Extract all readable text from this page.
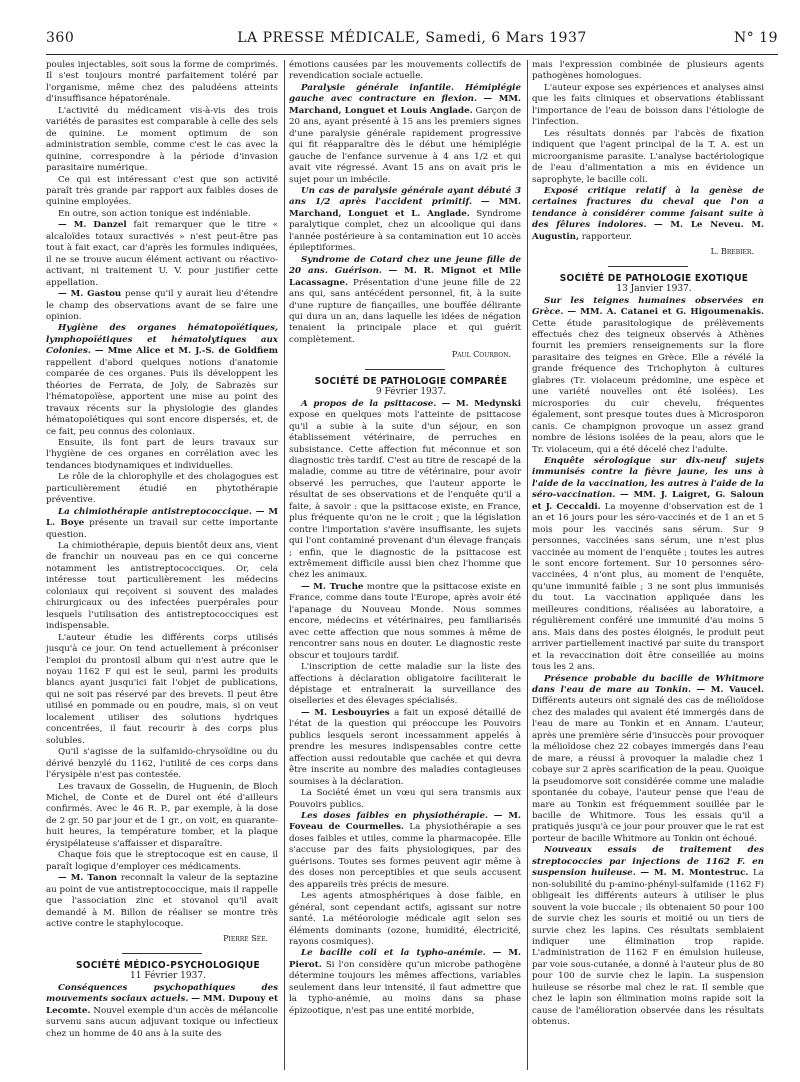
360	LA PRESSE MÉDICALE, Samedi, 6 Mars 1937	N° 19

poules injectables, soit sous la forme de comprimés. Il s'est toujours montré parfaitement toléré par l'organisme, même chez des paludéens atteints d'insuffisance hépatorénale.

L'activité du médicament vis-à-vis des trois variétés de parasites est comparable à celle des sels de quinine. Le moment optimum de son administration semble, comme c'est le cas avec la quinine, correspondre à la période d'invasion parasitaire numérique.

Ce qui est intéressant c'est que son activité paraît très grande par rapport aux faibles doses de quinine employées.

En outre, son action tonique est indéniable.

— M. Danzel fait remarquer que le titre « alcaloïdes totaux suractivés » n'est peut-être pas tout à fait exact, car d'après les formules indiquées, il ne se trouve aucun élément activant ou réactivo-activant, ni traitement U. V. pour justifier cette appellation.

— M. Gastou pense qu'il y aurait lieu d'étendre le champ des observations avant de se faire une opinion.

Hygiène des organes hématopoïétiques, lymphopoïétiques et hématolytiques aux Colonies. — Mme Alice et M. J.-S. de Goldfiem rappellent d'abord quelques notions d'anatomie comparée de ces organes. Puis ils développent les théories de Ferrata, de Joly, de Sabrazès sur l'hématopoïèse, apportent une mise au point des travaux récents sur la physiologie des glandes hématopoïétiques qui sont encore dispersés, et, de ce fait, peu connus des coloniaux.

Ensuite, ils font part de leurs travaux sur l'hygiène de ces organes en corrélation avec les tendances biodynamiques et individuelles.

Le rôle de la chlorophylle et des cholagogues est particulièrement étudié en phytothérapie préventive.

La chimiothérapie antistreptococcique. — M L. Boye présente un travail sur cette importante question.

La chimiothérapie, depuis bientôt deux ans, vient de franchir un nouveau pas en ce qui concerne notamment les antistreptococciques. Or, cela intéresse tout particulièrement les médecins coloniaux qui reçoivent si souvent des malades chirurgicaux ou des infectées puerpérales pour lesquels l'utilisation des antistreptococciques est indispensable.

L'auteur étudie les différents corps utilisés jusqu'à ce jour. On tend actuellement à préconiser l'emploi du prontosil album qui n'est autre que le noyau 1162 F qui est le seul, parmi les produits blancs ayant jusqu'ici fait l'objet de publications, qui ne soit pas réservé par des brevets. Il peut être utilisé en pommade ou en poudre, mais, si on veut localement utiliser des solutions hydriques concentrées, il faut recourir à des corps plus solubles.

Qu'il s'agisse de la sulfamido-chrysoïdine ou du dérivé benzylé du 1162, l'utilité de ces corps dans l'érysipèle n'est pas contestée.

Les travaux de Gosselin, de Huguenin, de Bloch Michel, de Conte et de Durel ont été d'ailleurs confirmés. Avec le 46 R. P., par exemple, à la dose de 2 gr. 50 par jour et de 1 gr., on voit, en quarante-huit heures, la température tomber, et la plaque érysipélateuse s'affaisser et disparaître.

Chaque fois que le streptocoque est en cause, il paraît logique d'employer ces médicaments.

— M. Tanon reconnaît la valeur de la septazine au point de vue antistreptococcique, mais il rappelle que l'association zinc et stovanol qu'il avait demandé à M. Billon de réaliser se montre très active contre le staphylocoque.

Pierre Sée.

SOCIÉTÉ MÉDICO-PSYCHOLOGIQUE

11 Février 1937.

Conséquences psychopathiques des mouvements sociaux actuels. — MM. Dupouy et Lecomte. Nouvel exemple d'un accès de mélancolie survenu sans aucun adjuvant toxique ou infectieux chez un homme de 40 ans à la suite des

émotions causées par les mouvements collectifs de revendication sociale actuelle.

Paralysie générale infantile. Hémiplégie gauche avec contracture en flexion. — MM. Marchand, Longuet et Louis Anglade. Garçon de 20 ans, ayant présenté à 15 ans les premiers signes d'une paralysie générale rapidement progressive qui fit réapparaître dès le début une hémiplégie gauche de l'enfance survenue à 4 ans 1/2 et qui avait vite régressé. Avant 15 ans on avait pris le sujet pour un imbécile.

Un cas de paralysie générale ayant débuté 3 ans 1/2 après l'accident primitif. — MM. Marchand, Longuet et L. Anglade. Syndrome paralytique complet, chez un alcoolique qui dans l'année postérieure à sa contamination eut 10 accès épileptiformes.

Syndrome de Cotard chez une jeune fille de 20 ans. Guérison. — M. R. Mignot et Mlle Lacassagne. Présentation d'une jeune fille de 22 ans qui, sans antécédent personnel, fit, à la suite d'une rupture de fiançailles, une bouffée délirante qui dura un an, dans laquelle les idées de négation tenaient la principale place et qui guérit complètement.

Paul Courbon.

SOCIÉTÉ DE PATHOLOGIE COMPARÉE

9 Février 1937.

A propos de la psittacose. — M. Medynski expose en quelques mots l'atteinte de psittacose qu'il a subie à la suite d'un séjour, en son établissement vétérinaire, de perruches en subsistance. Cette affection fut méconnue et son diagnostic très tardif. C'est au titre de rescapé de la maladie, comme au titre de vétérinaire, pour avoir observé les perruches, que l'auteur apporte le résultat de ses observations et de l'enquête qu'il a faite, à savoir : que la psittacose existe, en France, plus fréquente qu'on ne le croit ; que la législation contre l'importation s'avère insuffisante, les sujets qui l'ont contaminé provenant d'un élevage français ; enfin, que le diagnostic de la psittacose est extrêmement difficile aussi bien chez l'homme que chez les animaux.

— M. Truche montre que la psittacose existe en France, comme dans toute l'Europe, après avoir été l'apanage du Nouveau Monde. Nous sommes encore, médecins et vétérinaires, peu familiarisés avec cette affection que nous sommes à même de rencontrer sans nous en douter. Le diagnostic reste obscur et toujours tardif.

L'inscription de cette maladie sur la liste des affections à déclaration obligatoire faciliterait le dépistage et entraînerait la surveillance des oiselleries et des élevages spécialisés.

— M. Lesbouyries a fait un exposé détaillé de l'état de la question qui préoccupe les Pouvoirs publics lesquels seront incessamment appelés à prendre les mesures indispensables contre cette affection aussi redoutable que cachée et qui devra être inscrite au nombre des maladies contagieuses soumises à la déclaration.

La Société émet un vœu qui sera transmis aux Pouvoirs publics.

Les doses faibles en physiothérapie. — M. Foveau de Courmelles. La physiothérapie a ses doses faibles et utiles, comme la pharmacopée. Elle s'accuse par des faits physiologiques, par des guérisons. Toutes ses formes peuvent agir même à des doses non perceptibles et que seuls accusent des appareils très précis de mesure.

Les agents atmosphériques à dose faible, en général, sont cependant actifs, agissant sur notre santé. La météorologie médicale agit selon ses éléments dominants (ozone, humidité, électricité, rayons cosmiques).

Le bacille coli et la typho-anémie. — M. Pierot. Si l'on considère qu'un microbe pathogène détermine toujours les mêmes affections, variables seulement dans leur intensité, il faut admettre que la typho-anémie, au moins dans sa phase épizootique, n'est pas une entité morbide,

mais l'expression combinée de plusieurs agents pathogènes homologues.

L'auteur expose ses expériences et analyses ainsi que les faits cliniques et observations établissant l'importance de l'eau de boisson dans l'étiologie de l'infection.

Les résultats donnés par l'abcès de fixation indiquent que l'agent principal de la T. A. est un microorganisme parasite. L'analyse bactériologique de l'eau d'alimentation a mis en évidence un saprophyte, le bacille coli.

Exposé critique relatif à la genèse de certaines fractures du cheval que l'on a tendance à considérer comme faisant suite à des fêlures indolores. — M. Le Neveu. M. Augustin, rapporteur.

L. Brebier.

SOCIÉTÉ DE PATHOLOGIE EXOTIQUE

13 Janvier 1937.

Sur les teignes humaines observées en Grèce. — MM. A. Catanei et G. Higoumenakis. Cette étude parasitologique de prélèvements effectués chez des teigneux observés à Athènes fournit les premiers renseignements sur la flore parasitaire des teignes en Grèce. Elle a révélé la grande fréquence des Trichophyton à cultures glabres (Tr. violaceum prédomine, une espèce et une variété nouvelles ont été isolées). Les microspories du cuir chevelu, fréquentes également, sont presque toutes dues à Microsporon canis. Ce champignon provoque un assez grand nombre de lésions isolées de la peau, alors que le Tr. violaceum, qui a été décelé chez l'adulte.

Enquête sérologique sur dix-neuf sujets immunisés contre la fièvre jaune, les uns à l'aide de la vaccination, les autres à l'aide de la séro-vaccination. — MM. J. Laigret, G. Saloun et J. Ceccaldi. La moyenne d'observation est de 1 an et 16 jours pour les séro-vaccinés et de 1 an et 5 mois pour les vaccinés sans sérum. Sur 9 personnes, vaccinées sans sérum, une n'est plus vaccinée au moment de l'enquête ; toutes les autres le sont encore fortement. Sur 10 personnes séro-vaccinées, 4 n'ont plus, au moment de l'enquête, qu'une immunité faible ; 3 ne sont plus immunisés du tout. La vaccination appliquée dans les meilleures conditions, réalisées au laboratoire, a régulièrement conféré une immunité d'au moins 5 ans. Mais dans des postes éloignés, le produit peut arriver partiellement inactivé par suite du transport et la revaccination doit être conseillée au moins tous les 2 ans.

Présence probable du bacille de Whitmore dans l'eau de mare au Tonkin. — M. Vaucel. Différents auteurs ont signalé des cas de mélioïdose chez des malades qui avaient été immergés dans de l'eau de mare au Tonkin et en Annam. L'auteur, après une première série d'insuccès pour provoquer la mélioïdose chez 22 cobayes immergés dans l'eau de mare, a réussi à provoquer la maladie chez 1 cobaye sur 2 après scarification de la peau. Quoique la pseudomorve soit considérée comme une maladie spontanée du cobaye, l'auteur pense que l'eau de mare au Tonkin est fréquemment souillée par le bacille de Whitmore. Tous les essais qu'il a pratiqués jusqu'à ce jour pour prouver que le rat est porteur de bacille Whitmore au Tonkin ont échoué.

Nouveaux essais de traitement des streptococcies par injections de 1162 F. en suspension huileuse. — M. M. Montestruc. La non-solubilité du p-amino-phényl-sulfamide (1162 F) obligeait les différents auteurs à utiliser le plus souvent la voie buccale ; ils obtenaient 50 pour 100 de survie chez les souris et moitié ou un tiers de survie chez les lapins. Ces résultats semblaient indiquer une élimination trop rapide. L'administration de 1162 F en émulsion huileuse, par voie sous-cutanée, a donné à l'auteur plus de 80 pour 100 de survie chez le lapin. La suspension huileuse se résorbe mal chez le rat. Il semble que chez le lapin son élimination moins rapide soit la cause de l'amélioration observée dans les résultats obtenus.
